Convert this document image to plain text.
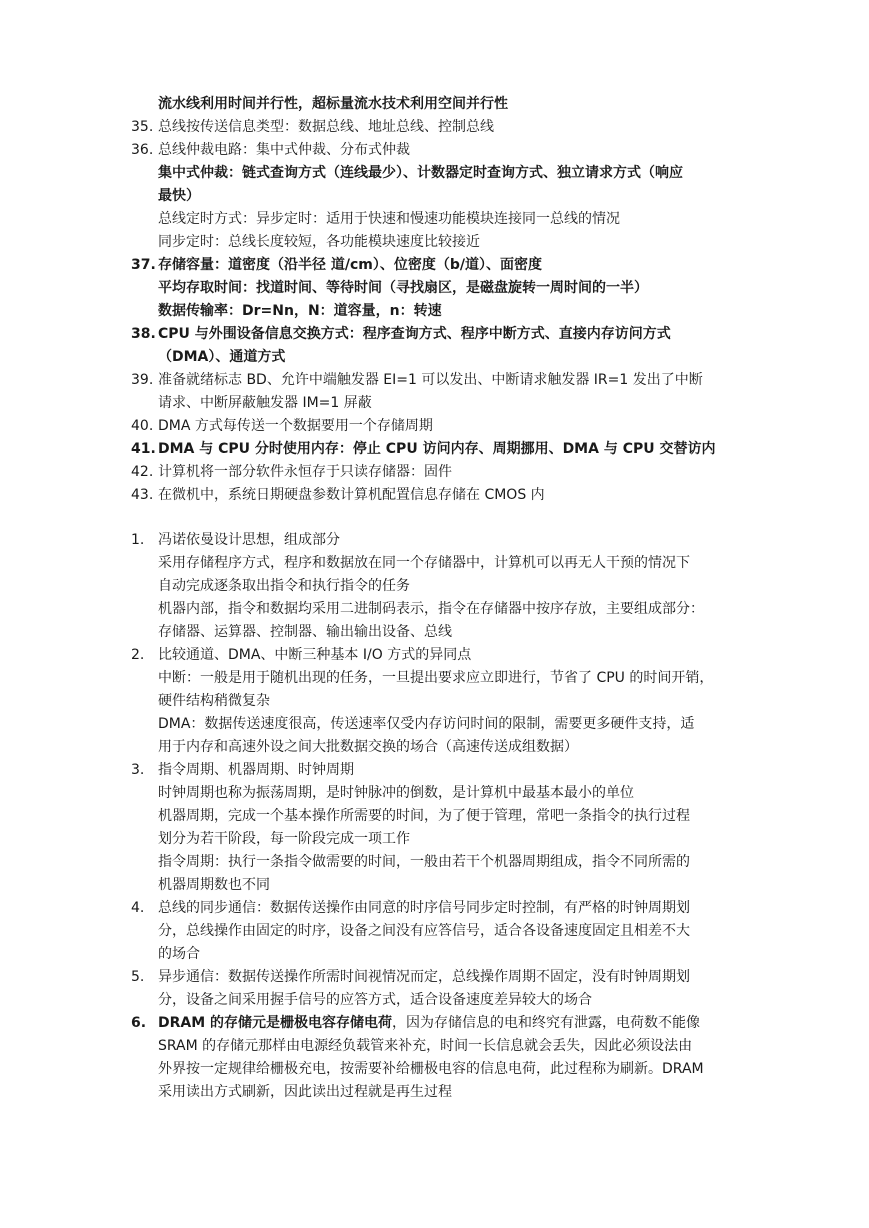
流水线利用时间并行性，超标量流水技术利用空间并行性
35. 总线按传送信息类型：数据总线、地址总线、控制总线
36. 总线仲裁电路：集中式仲裁、分布式仲裁
集中式仲裁：链式查询方式（连线最少）、计数器定时查询方式、独立请求方式（响应
最快）
总线定时方式：异步定时：适用于快速和慢速功能模块连接同一总线的情况
同步定时：总线长度较短，各功能模块速度比较接近
37. 存储容量：道密度（沿半径 道/cm）、位密度（b/道）、面密度
平均存取时间：找道时间、等待时间（寻找扇区，是磁盘旋转一周时间的一半）
数据传输率：Dr=Nn，N：道容量，n：转速
38. CPU 与外围设备信息交换方式：程序查询方式、程序中断方式、直接内存访问方式
（DMA）、通道方式
39. 准备就绪标志 BD、允许中端触发器 EI=1 可以发出、中断请求触发器 IR=1 发出了中断
请求、中断屏蔽触发器 IM=1 屏蔽
40. DMA 方式每传送一个数据要用一个存储周期
41. DMA 与 CPU 分时使用内存：停止 CPU 访问内存、周期挪用、DMA 与 CPU 交替访内
42. 计算机将一部分软件永恒存于只读存储器：固件
43. 在微机中，系统日期硬盘参数计算机配置信息存储在 CMOS 内
1. 冯诺依曼设计思想，组成部分
采用存储程序方式，程序和数据放在同一个存储器中，计算机可以再无人干预的情况下
自动完成逐条取出指令和执行指令的任务
机器内部，指令和数据均采用二进制码表示，指令在存储器中按序存放，主要组成部分：
存储器、运算器、控制器、输出输出设备、总线
2. 比较通道、DMA、中断三种基本 I/O 方式的异同点
中断：一般是用于随机出现的任务，一旦提出要求应立即进行，节省了 CPU 的时间开销，
硬件结构稍微复杂
DMA：数据传送速度很高，传送速率仅受内存访问时间的限制，需要更多硬件支持，适
用于内存和高速外设之间大批数据交换的场合（高速传送成组数据）
3. 指令周期、机器周期、时钟周期
时钟周期也称为振荡周期，是时钟脉冲的倒数，是计算机中最基本最小的单位
机器周期，完成一个基本操作所需要的时间，为了便于管理，常吧一条指令的执行过程
划分为若干阶段，每一阶段完成一项工作
指令周期：执行一条指令做需要的时间，一般由若干个机器周期组成，指令不同所需的
机器周期数也不同
4. 总线的同步通信：数据传送操作由同意的时序信号同步定时控制，有严格的时钟周期划
分，总线操作由固定的时序，设备之间没有应答信号，适合各设备速度固定且相差不大
的场合
5. 异步通信：数据传送操作所需时间视情况而定，总线操作周期不固定，没有时钟周期划
分，设备之间采用握手信号的应答方式，适合设备速度差异较大的场合
6. DRAM 的存储元是栅极电容存储电荷，因为存储信息的电和终究有泄露，电荷数不能像
SRAM 的存储元那样由电源经负载管来补充，时间一长信息就会丢失，因此必须设法由
外界按一定规律给栅极充电，按需要补给栅极电容的信息电荷，此过程称为刷新。DRAM
采用读出方式刷新，因此读出过程就是再生过程
